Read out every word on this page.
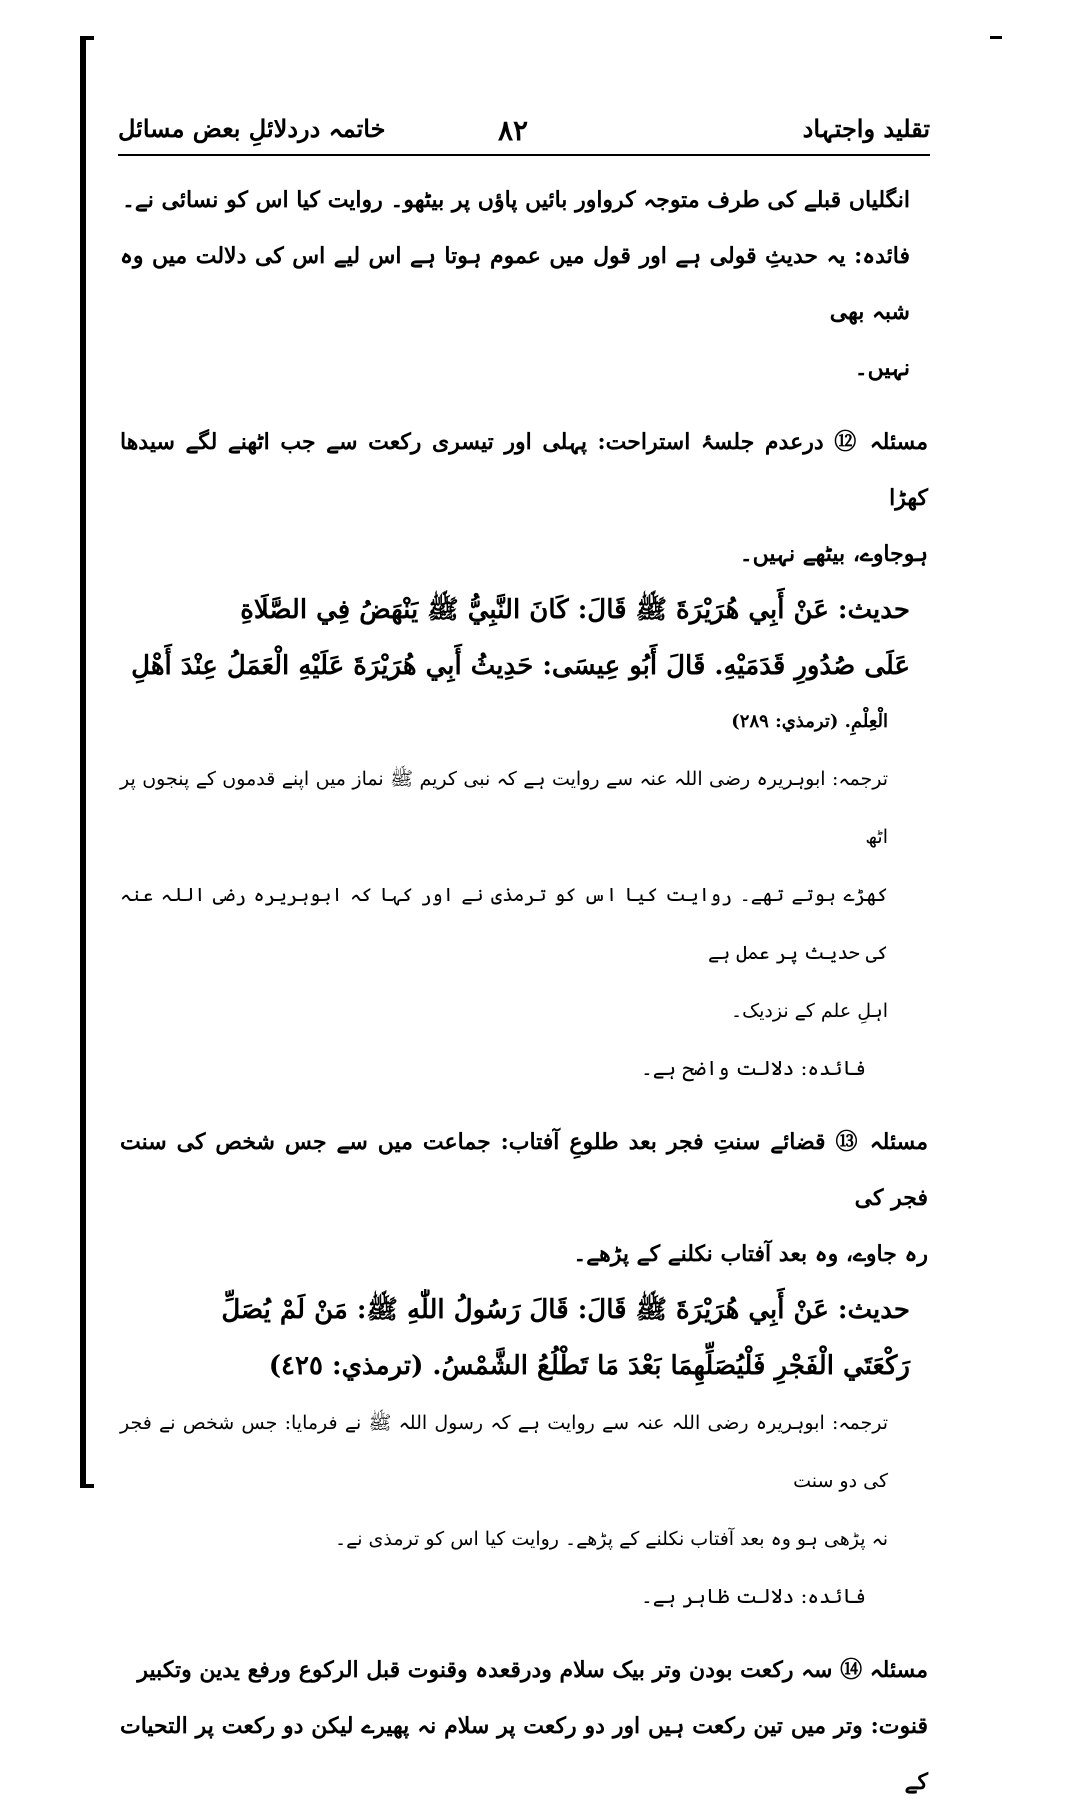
تقلید واجتہاد
۸۲
خاتمہ دردلائلِ بعض مسائل

انگلیاں قبلے کی طرف متوجہ کرواور بائیں پاؤں پر بیٹھو۔ روایت کیا اس کو نسائی نے۔

فائدہ: یہ حدیثِ قولی ہے اور قول میں عموم ہوتا ہے اس لیے اس کی دلالت میں وہ شبہ بھی

نہیں۔

مسئلہ ⑫ درعدم جلسۂ استراحت: پہلی اور تیسری رکعت سے جب اٹھنے لگے سیدھا کھڑا

ہوجاوے، بیٹھے نہیں۔

حدیث: عَنْ أَبِي هُرَيْرَةَ ﷺ قَالَ: كَانَ النَّبِيُّ ﷺ يَنْهَضُ فِي الصَّلَاةِ

عَلَى صُدُورِ قَدَمَيْهِ. قَالَ أَبُو عِيسَى: حَدِيثُ أَبِي هُرَيْرَةَ عَلَيْهِ الْعَمَلُ عِنْدَ أَهْلِ

الْعِلْمِ. (ترمذي: ٢٨٩)

ترجمہ: ابوہریرہ رضی اللہ عنہ سے روایت ہے کہ نبی کریم ﷺ نماز میں اپنے قدموں کے پنجوں پر اٹھ

کھڑے ہوتے تھے۔ روایت کیا اس کو ترمذی نے اور کہا کہ ابوہریرہ رضی اللہ عنہ کی حدیث پر عمل ہے

اہلِ علم کے نزدیک۔

فائدہ: دلالت واضح ہے۔

مسئلہ ⑬ قضائے سنتِ فجر بعد طلوعِ آفتاب: جماعت میں سے جس شخص کی سنت فجر کی

رہ جاوے، وہ بعد آفتاب نکلنے کے پڑھے۔

حدیث: عَنْ أَبِي هُرَيْرَةَ ﷺ قَالَ: قَالَ رَسُولُ اللّٰهِ ﷺ: مَنْ لَمْ يُصَلِّ

رَكْعَتَي الْفَجْرِ فَلْيُصَلِّهِمَا بَعْدَ مَا تَطْلُعُ الشَّمْسُ. (ترمذي: ٤٢٥)

ترجمہ: ابوہریرہ رضی اللہ عنہ سے روایت ہے کہ رسول اللہ ﷺ نے فرمایا: جس شخص نے فجر کی دو سنت

نہ پڑھی ہو وہ بعد آفتاب نکلنے کے پڑھے۔ روایت کیا اس کو ترمذی نے۔

فائدہ: دلالت ظاہر ہے۔

مسئلہ ⑭ سہ رکعت بودن وتر بیک سلام ودرقعدہ وقنوت قبل الرکوع ورفع یدین وتکبیر

قنوت: وتر میں تین رکعت ہیں اور دو رکعت پر سلام نہ پھیرے لیکن دو رکعت پر التحیات کے
